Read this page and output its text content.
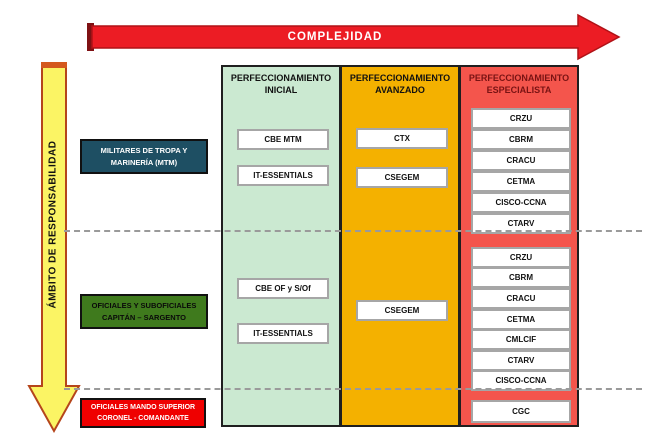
COMPLEJIDAD
ÁMBITO DE RESPONSABILIDAD
PERFECCIONAMIENTO
INICIAL
CBE MTM
IT-ESSENTIALS
CBE OF y S/Of
IT-ESSENTIALS
PERFECCIONAMIENTO
AVANZADO
CTX
CSEGEM
CSEGEM
PERFECCIONAMIENTO
ESPECIALISTA
CRZU
CBRM
CRACU
CETMA
CISCO-CCNA
CTARV
CRZU
CBRM
CRACU
CETMA
CMLCIF
CTARV
CISCO-CCNA
CGC
MILITARES DE TROPA Y
MARINERÍA (MTM)
OFICIALES Y SUBOFICIALES
CAPITÁN – SARGENTO
OFICIALES MANDO SUPERIOR
CORONEL - COMANDANTE
